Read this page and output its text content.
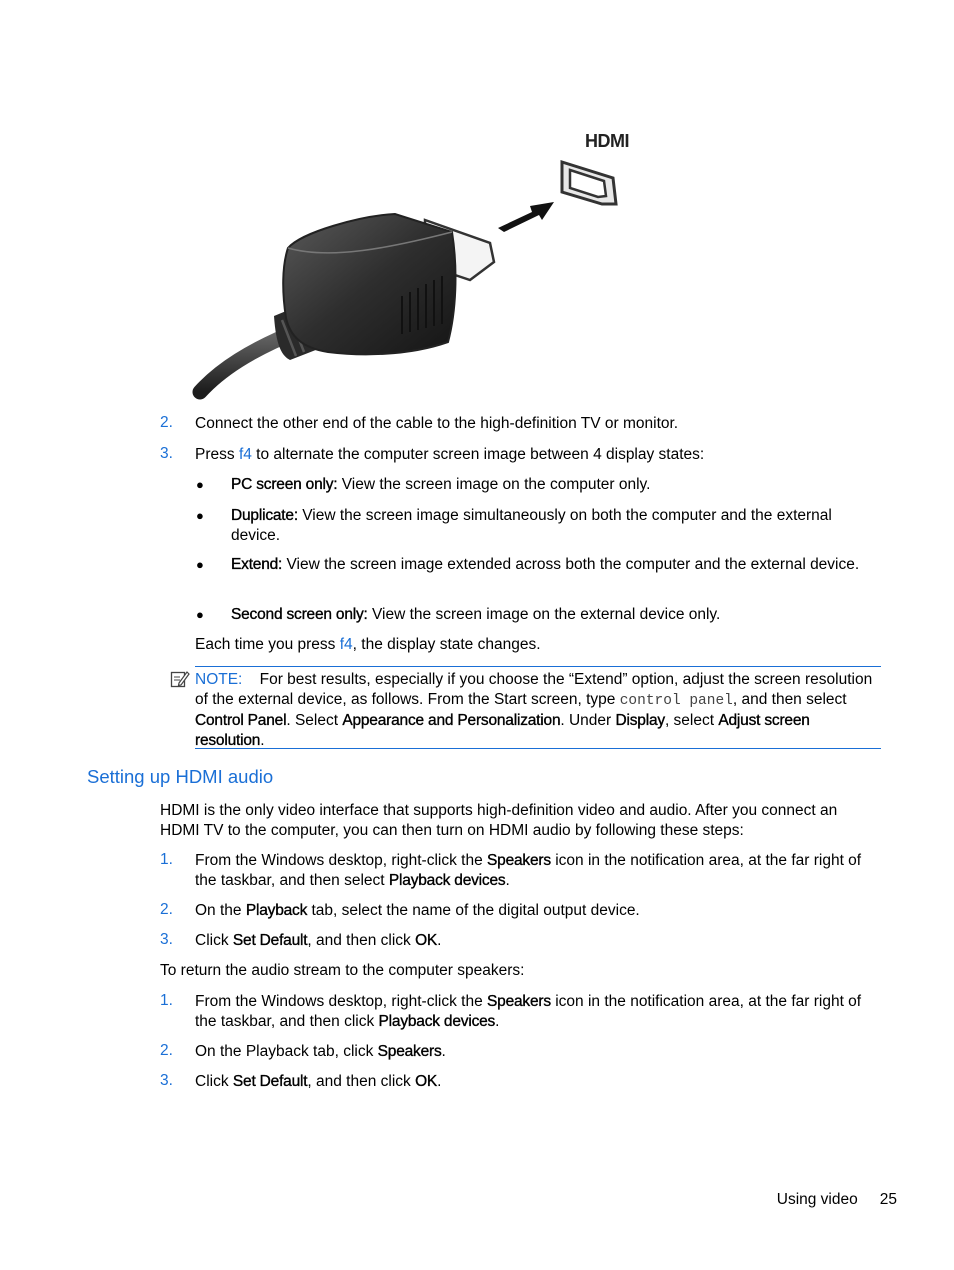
HDMI
2. Connect the other end of the cable to the high-definition TV or monitor.
3. Press f4 to alternate the computer screen image between 4 display states:
● PC screen only: View the screen image on the computer only.
● Duplicate: View the screen image simultaneously on both the computer and the external device.
● Extend: View the screen image extended across both the computer and the external device.
● Second screen only: View the screen image on the external device only.
Each time you press f4, the display state changes.
NOTE: For best results, especially if you choose the “Extend” option, adjust the screen resolution of the external device, as follows. From the Start screen, type control panel, and then select Control Panel. Select Appearance and Personalization. Under Display, select Adjust screen resolution.
Setting up HDMI audio
HDMI is the only video interface that supports high-definition video and audio. After you connect an HDMI TV to the computer, you can then turn on HDMI audio by following these steps:
1. From the Windows desktop, right-click the Speakers icon in the notification area, at the far right of the taskbar, and then select Playback devices.
2. On the Playback tab, select the name of the digital output device.
3. Click Set Default, and then click OK.
To return the audio stream to the computer speakers:
1. From the Windows desktop, right-click the Speakers icon in the notification area, at the far right of the taskbar, and then click Playback devices.
2. On the Playback tab, click Speakers.
3. Click Set Default, and then click OK.
Using video 25
